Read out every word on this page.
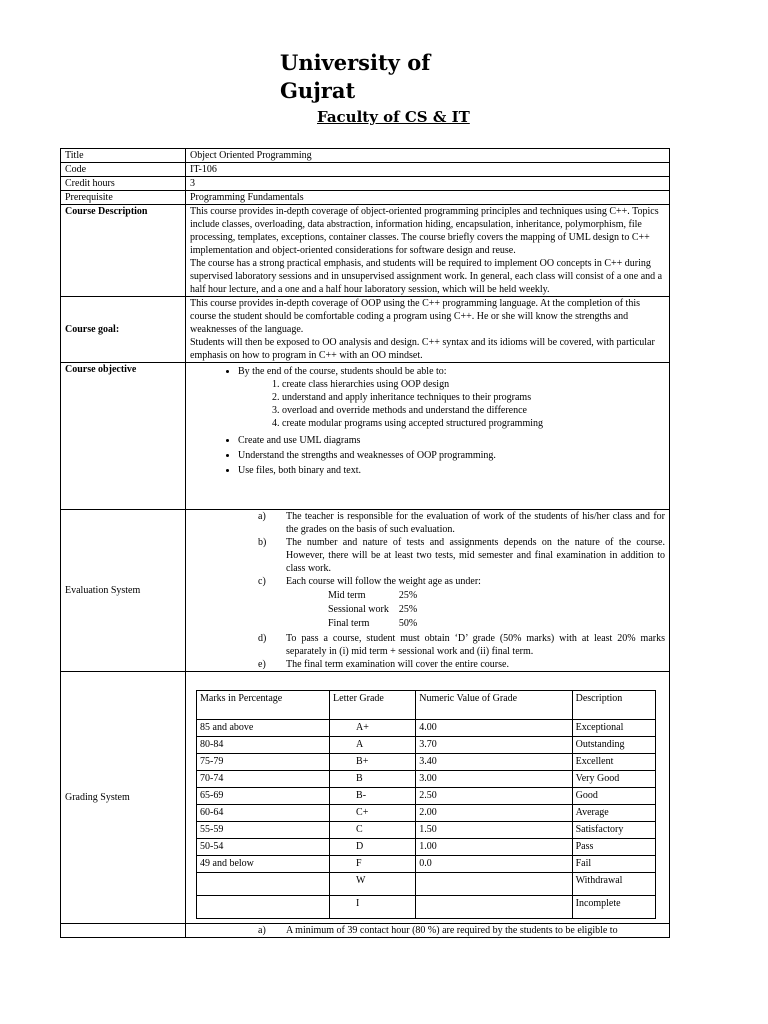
University of
Gujrat
Faculty of CS & IT
Title	Object Oriented Programming
Code	IT-106
Credit hours	3
Prerequisite	Programming Fundamentals
Course Description	This course provides in-depth coverage of object-oriented programming principles and techniques using C++. Topics include classes, overloading, data abstraction, information hiding, encapsulation, inheritance, polymorphism, file processing, templates, exceptions, container classes. The course briefly covers the mapping of UML design to C++ implementation and object-oriented considerations for software design and reuse.
The course has a strong practical emphasis, and students will be required to implement OO concepts in C++ during supervised laboratory sessions and in unsupervised assignment work. In general, each class will consist of a one and a half hour lecture, and a one and a half hour laboratory session, which will be held weekly.

Course goal:	
This course provides in-depth coverage of OOP using the C++ programming language. At the completion of this course the student should be comfortable coding a program using C++. He or she will know the strengths and weaknesses of the language.
Students will then be exposed to OO analysis and design. C++ syntax and its idioms will be covered, with particular emphasis on how to program in C++ with an OO mindset.

Course objective	
•By the end of the course, students should be able to:
1. create class hierarchies using OOP design
2. understand and apply inheritance techniques to their programs
3. overload and override methods and understand the difference
4. create modular programs using accepted structured programming
• Create and use UML diagrams
• Understand the strengths and weaknesses of OOP programming.
• Use files, both binary and text.

Evaluation System	
a) The teacher is responsible for the evaluation of work of the students of his/her class and for the grades on the basis of such evaluation.
b) The number and nature of tests and assignments depends on the nature of the course. However, there will be at least two tests, mid semester and final examination in addition to class work.
c) Each course will follow the weight age as under:
Mid term	25%
Sessional work	25%
Final term	50%
d) To pass a course, student must obtain ‘D’ grade (50% marks) with at least 20% marks separately in (i) mid term + sessional work and (ii) final term.
e) The final term examination will cover the entire course.

Grading System	
Marks in Percentage	Letter Grade	Numeric Value of Grade	Description
85 and above	A+	4.00	Exceptional
80-84	A	3.70	Outstanding
75-79	B+	3.40	Excellent
70-74	B	3.00	Very Good
65-69	B-	2.50	Good
60-64	C+	2.00	Average
55-59	C	1.50	Satisfactory
50-54	D	1.00	Pass
49 and below	F	0.0	Fail
	W		Withdrawal
	I		Incomplete

a) A minimum of 39 contact hour (80 %) are required by the students to be eligible to
